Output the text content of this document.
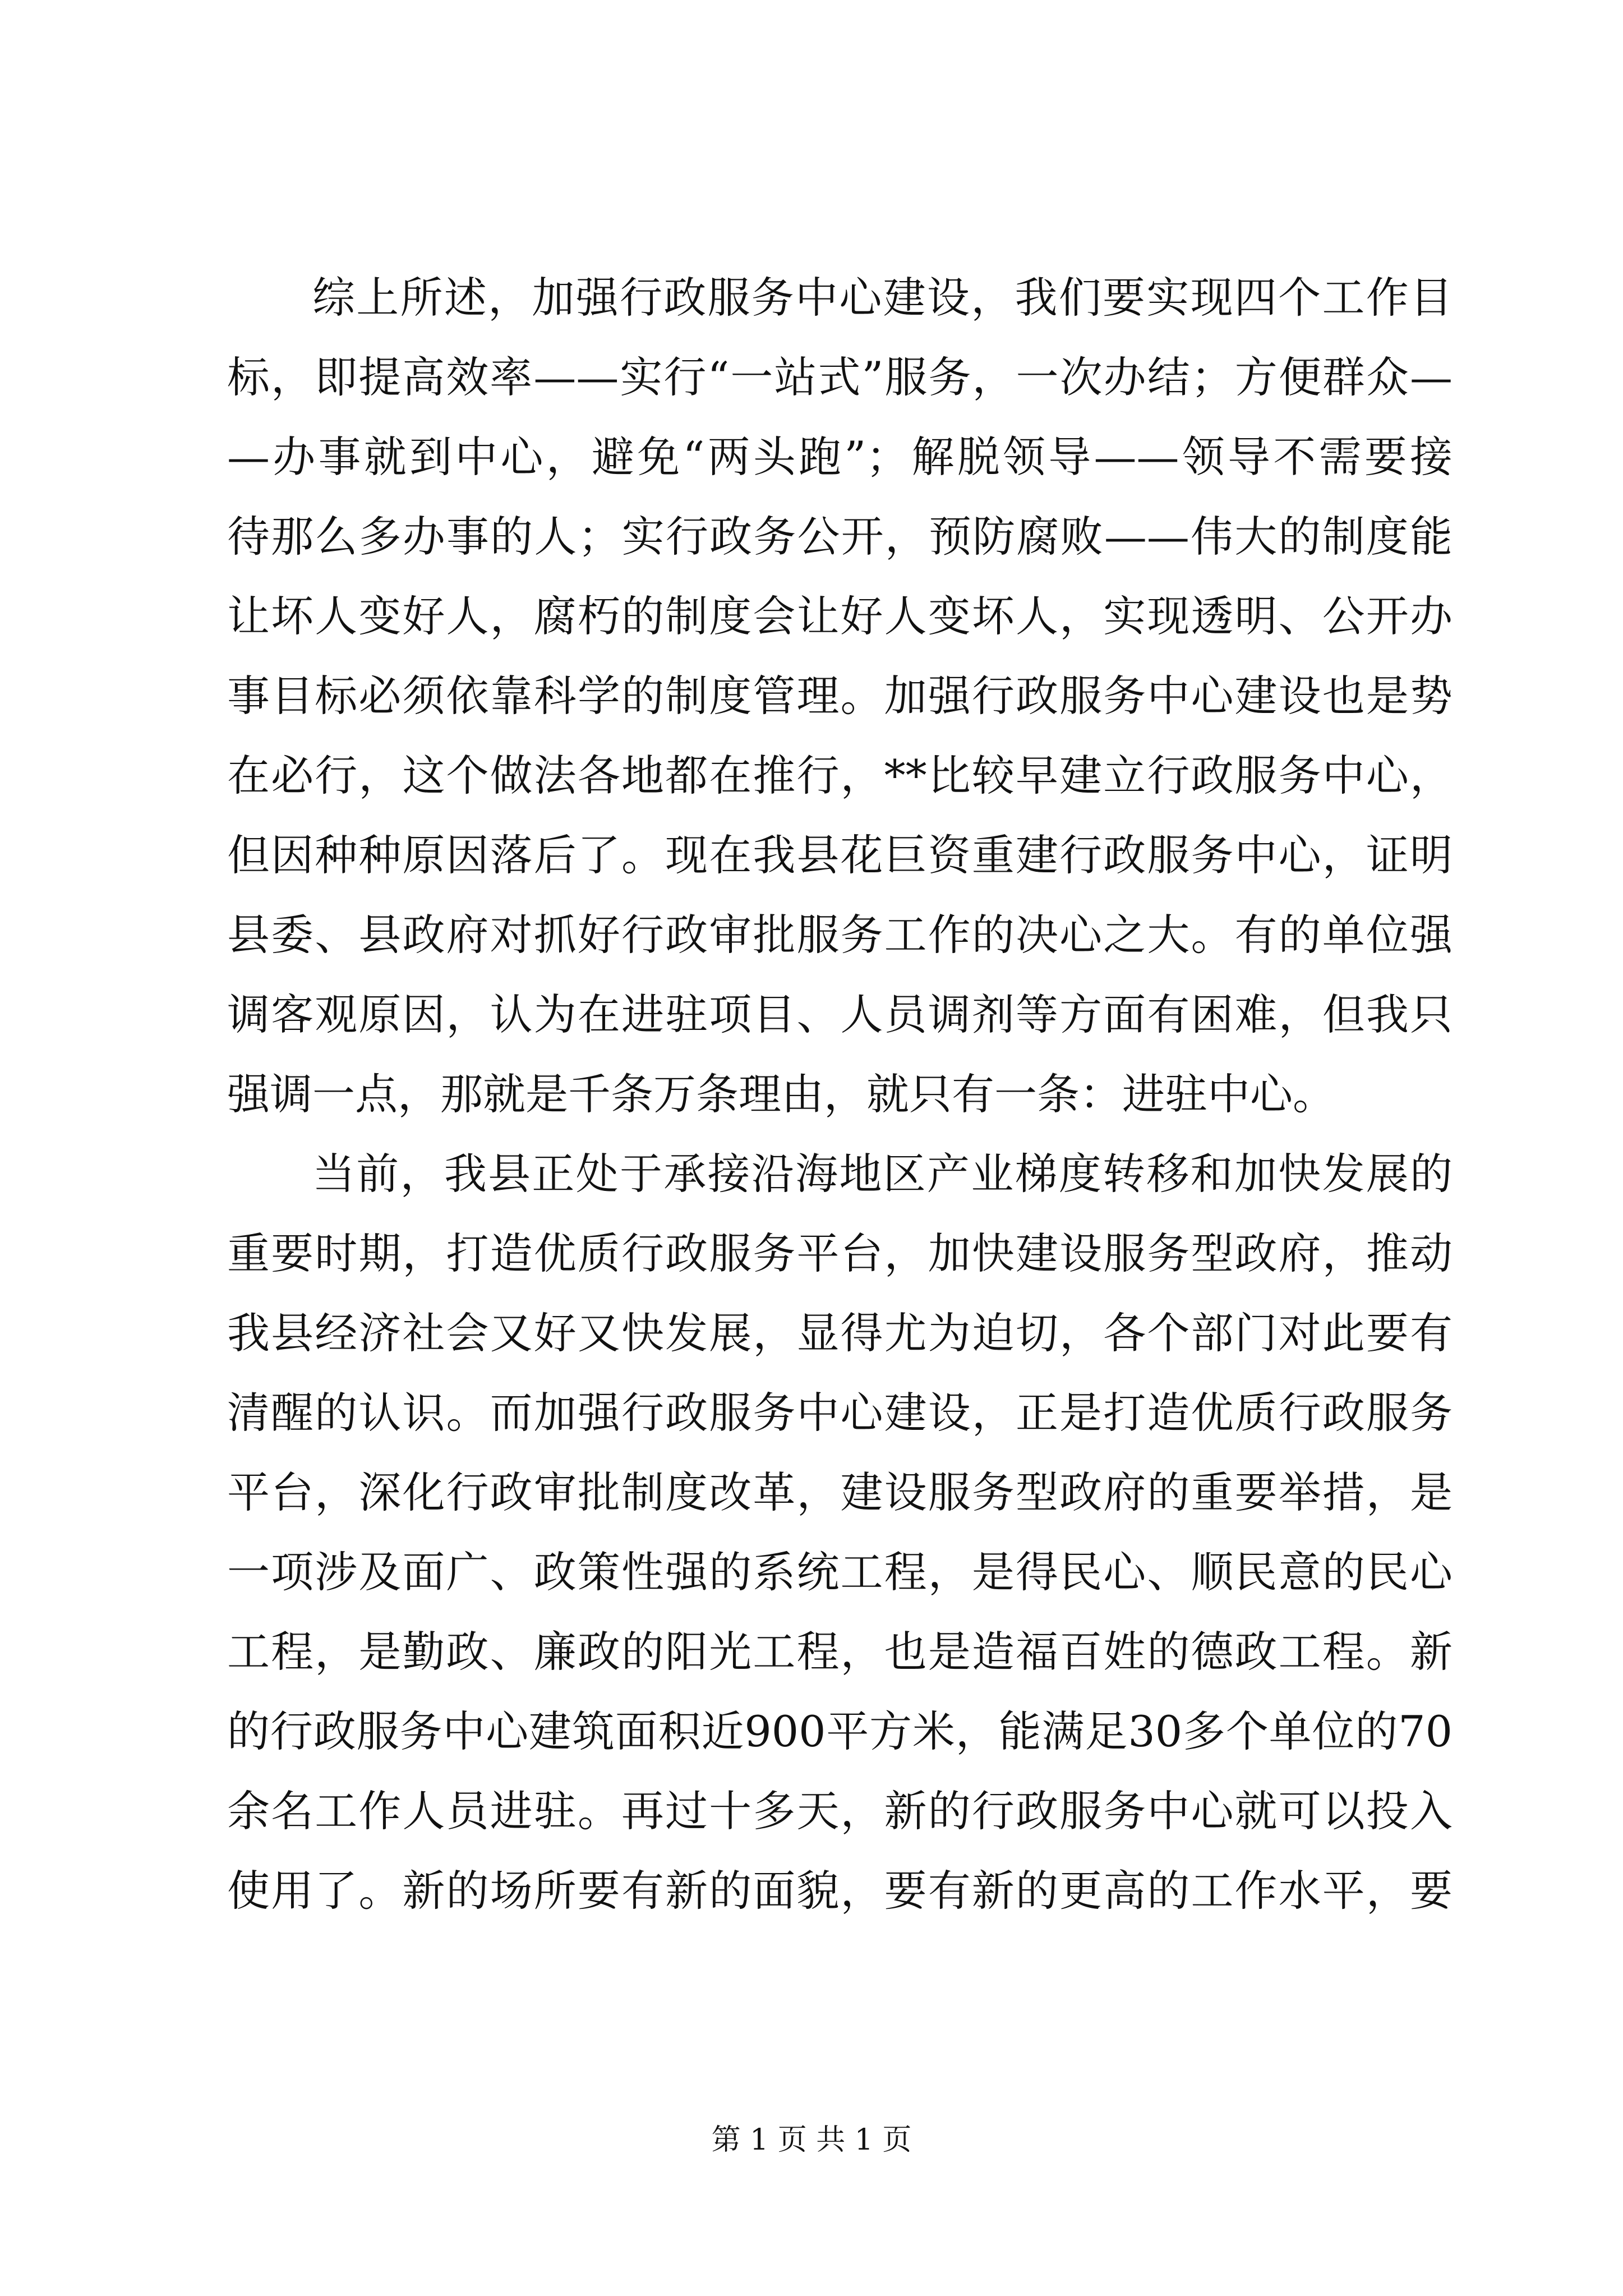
综上所述，加强行政服务中心建设，我们要实现四个工作目
标，即提高效率——实行“一站式”服务，一次办结；方便群众—
—办事就到中心，避免“两头跑”；解脱领导——领导不需要接
待那么多办事的人；实行政务公开，预防腐败——伟大的制度能
让坏人变好人，腐朽的制度会让好人变坏人，实现透明、公开办
事目标必须依靠科学的制度管理。加强行政服务中心建设也是势
在必行，这个做法各地都在推行，**比较早建立行政服务中心，
但因种种原因落后了。现在我县花巨资重建行政服务中心，证明
县委、县政府对抓好行政审批服务工作的决心之大。有的单位强
调客观原因，认为在进驻项目、人员调剂等方面有困难，但我只
强调一点，那就是千条万条理由，就只有一条：进驻中心。
当前，我县正处于承接沿海地区产业梯度转移和加快发展的
重要时期，打造优质行政服务平台，加快建设服务型政府，推动
我县经济社会又好又快发展，显得尤为迫切，各个部门对此要有
清醒的认识。而加强行政服务中心建设，正是打造优质行政服务
平台，深化行政审批制度改革，建设服务型政府的重要举措，是
一项涉及面广、政策性强的系统工程，是得民心、顺民意的民心
工程，是勤政、廉政的阳光工程，也是造福百姓的德政工程。新
的行政服务中心建筑面积近900平方米，能满足30多个单位的70
余名工作人员进驻。再过十多天，新的行政服务中心就可以投入
使用了。新的场所要有新的面貌，要有新的更高的工作水平，要
第 1 页 共 1 页
